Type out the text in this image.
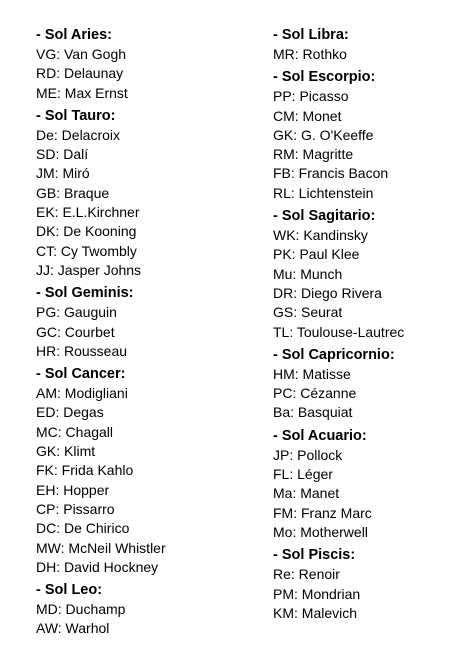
- Sol Aries:
VG: Van Gogh
RD: Delaunay
ME: Max Ernst
- Sol Tauro:
De: Delacroix
SD: Dalí
JM: Miró
GB: Braque
EK: E.L.Kirchner
DK: De Kooning
CT: Cy Twombly
JJ: Jasper Johns
- Sol Geminis:
PG: Gauguin
GC: Courbet
HR: Rousseau
- Sol Cancer:
AM: Modigliani
ED: Degas
MC: Chagall
GK: Klimt
FK: Frida Kahlo
EH: Hopper
CP: Pissarro
DC: De Chirico
MW: McNeil Whistler
DH: David Hockney
- Sol Leo:
MD: Duchamp
AW: Warhol
- Sol Libra:
MR: Rothko
- Sol Escorpio:
PP: Picasso
CM: Monet
GK: G. O'Keeffe
RM: Magritte
FB: Francis Bacon
RL: Lichtenstein
- Sol Sagitario:
WK: Kandinsky
PK: Paul Klee
Mu: Munch
DR: Diego Rivera
GS: Seurat
TL: Toulouse-Lautrec
- Sol Capricornio:
HM: Matisse
PC: Cézanne
Ba: Basquiat
- Sol Acuario:
JP: Pollock
FL: Léger
Ma: Manet
FM: Franz Marc
Mo: Motherwell
- Sol Piscis:
Re: Renoir
PM: Mondrian
KM: Malevich
